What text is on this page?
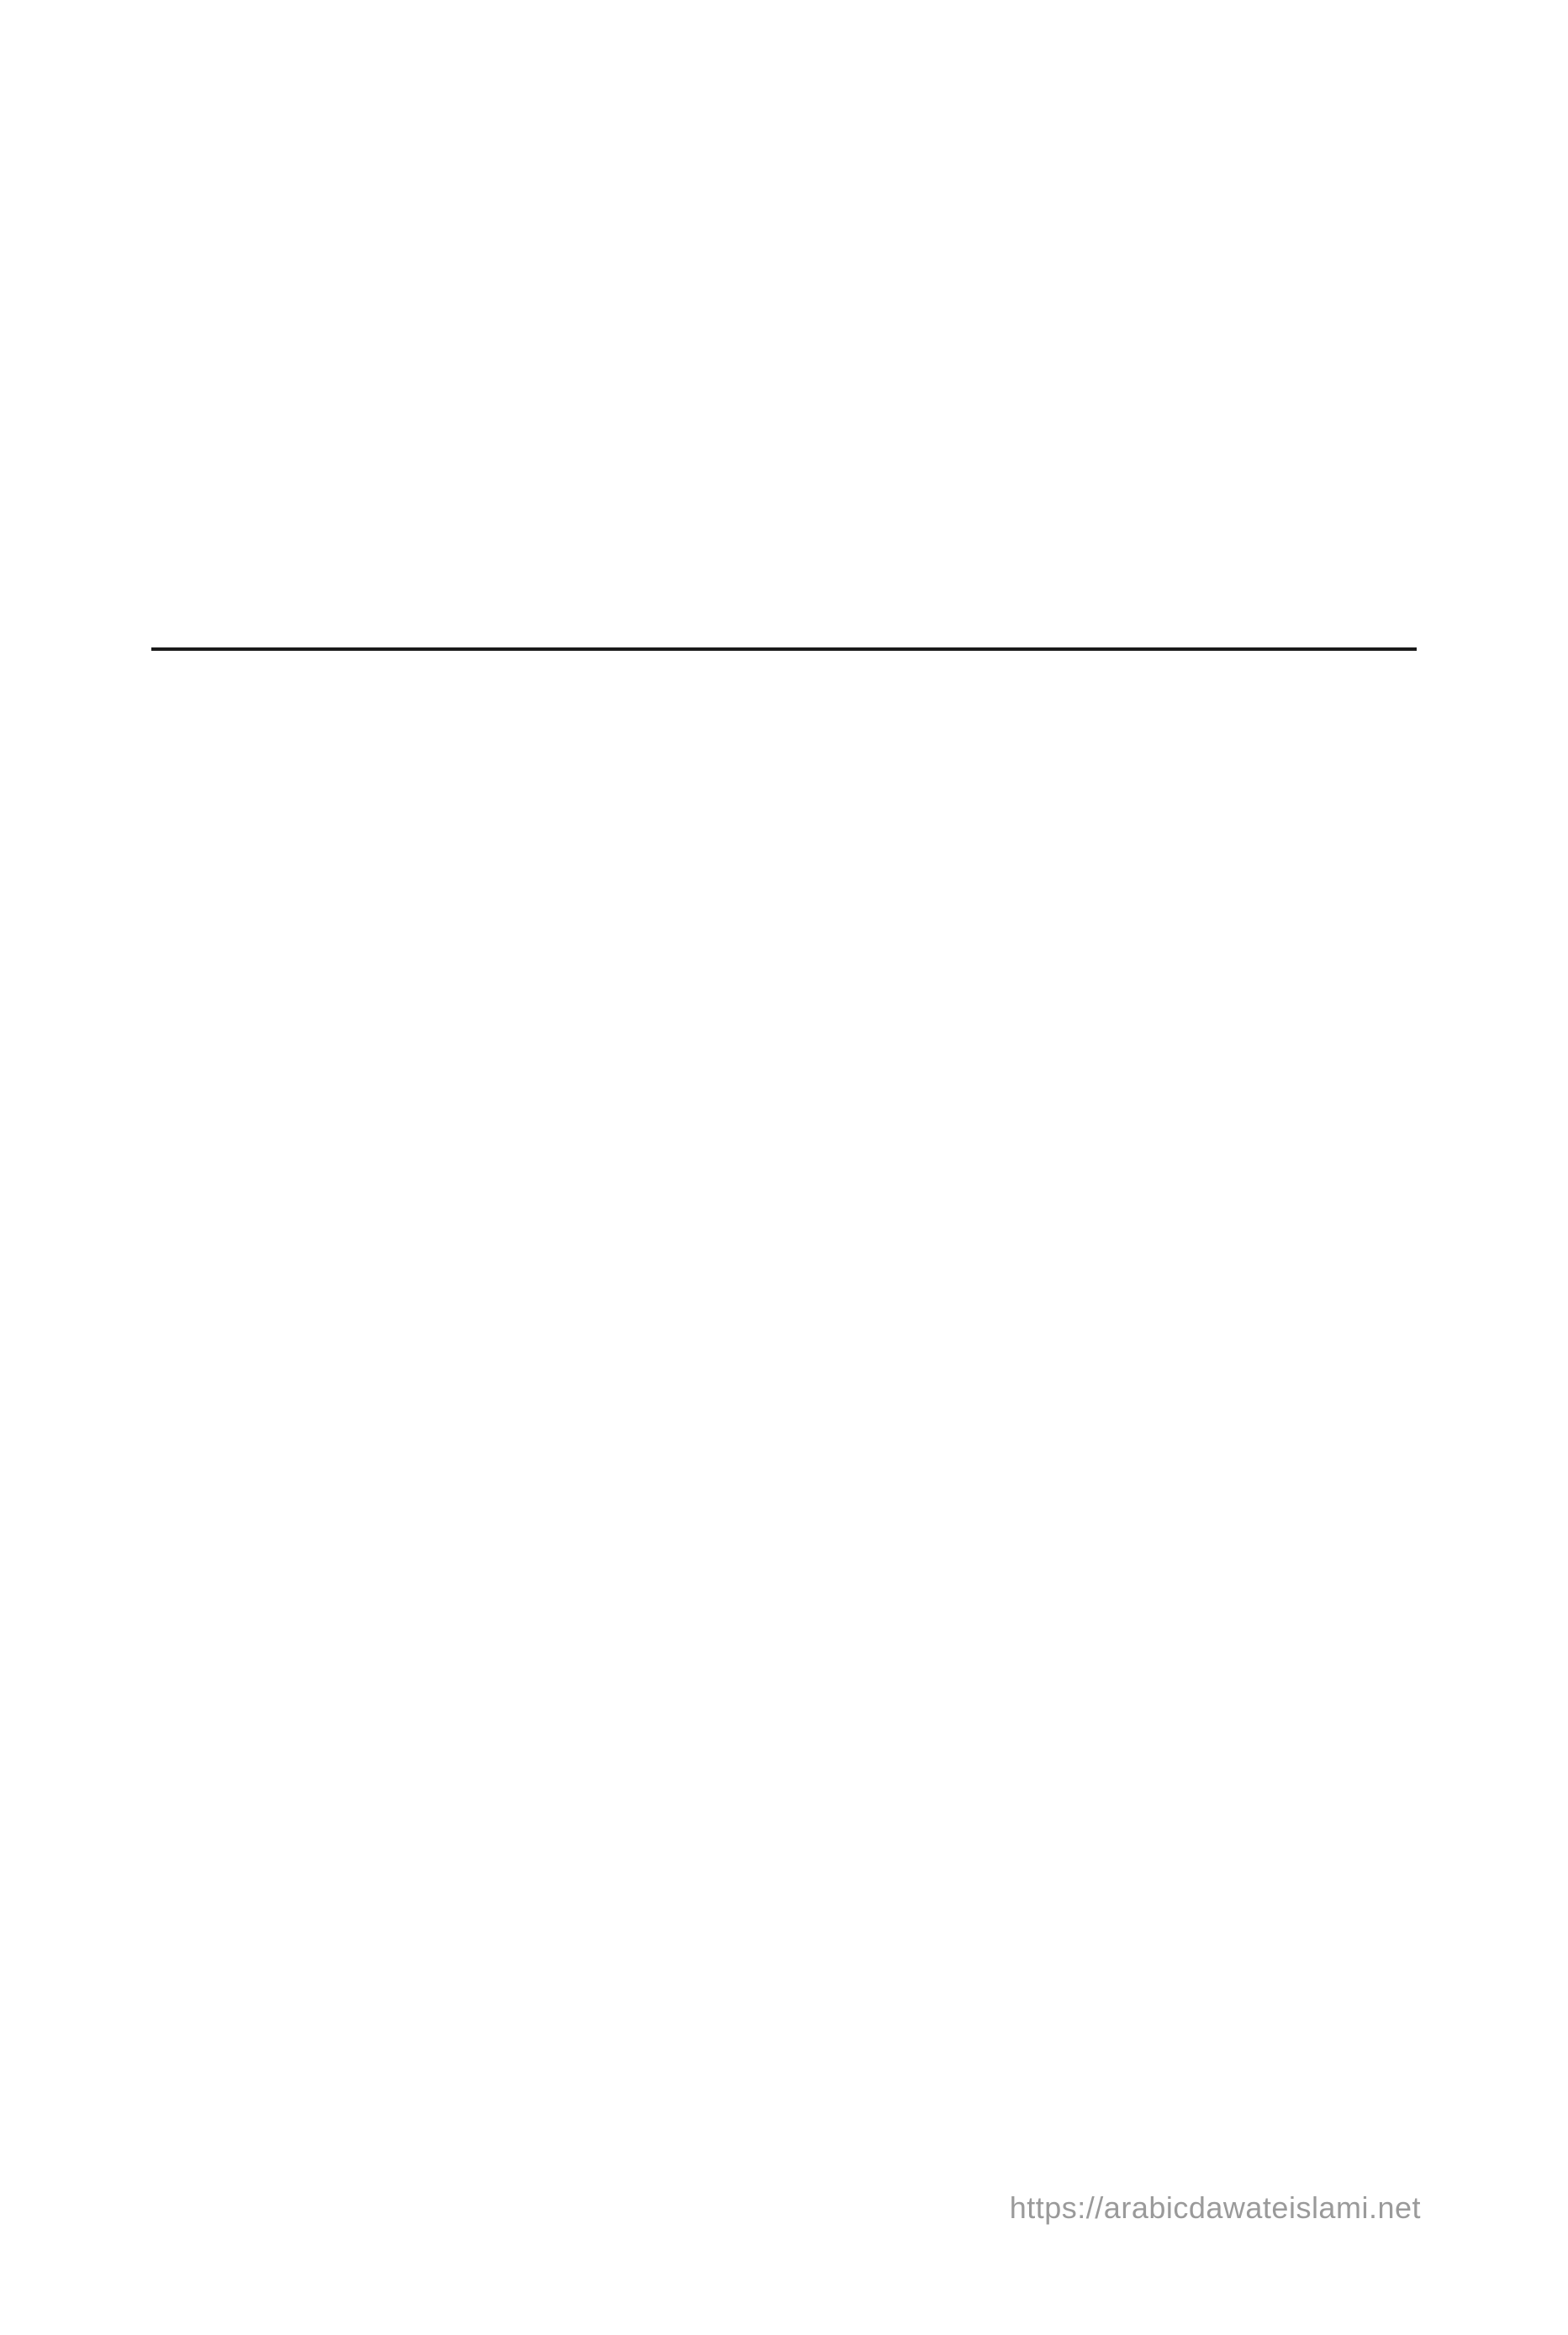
https://arabicdawateislami.net
